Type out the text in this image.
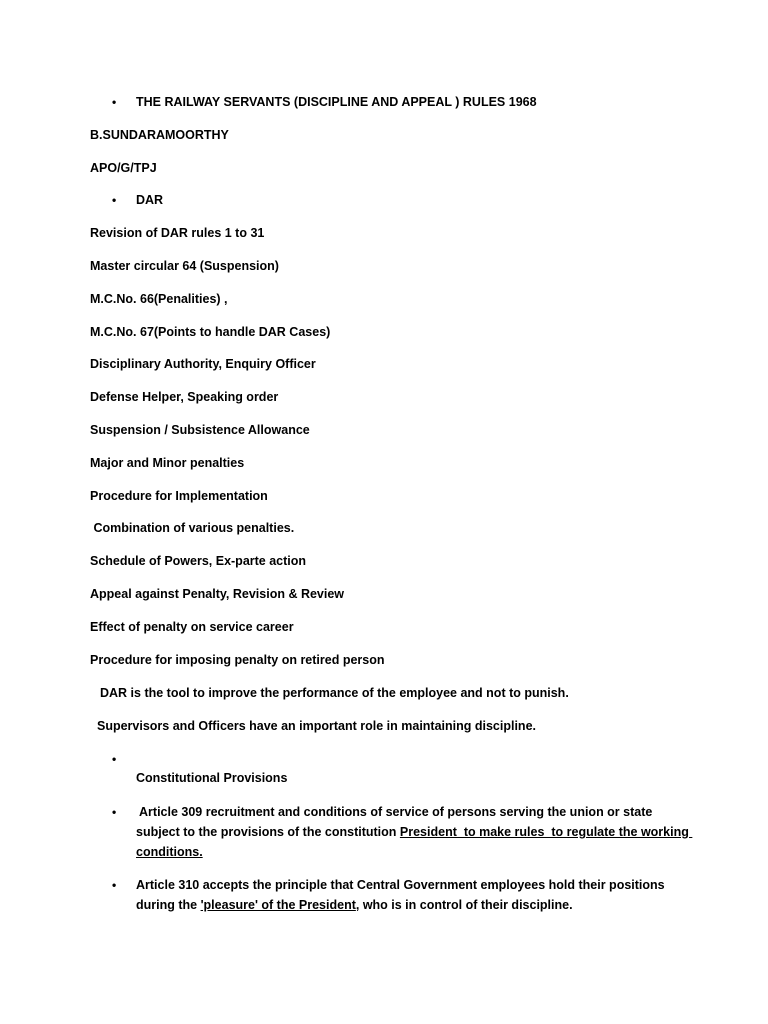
• THE RAILWAY SERVANTS (DISCIPLINE AND APPEAL ) RULES 1968
B.SUNDARAMOORTHY
APO/G/TPJ
• DAR
Revision of DAR rules 1 to 31
Master circular 64 (Suspension)
M.C.No. 66(Penalities) ,
M.C.No. 67(Points to handle DAR Cases)
Disciplinary Authority, Enquiry Officer
Defense Helper, Speaking order
Suspension / Subsistence Allowance
Major and Minor penalties
Procedure for Implementation
Combination of various penalties.
Schedule of Powers, Ex-parte action
Appeal against Penalty, Revision & Review
Effect of penalty on service career
Procedure for imposing penalty on retired person
DAR is the tool to improve the performance of the employee and not to punish.
Supervisors and Officers have an important role in maintaining discipline.
•
Constitutional Provisions
• Article 309 recruitment and conditions of service of persons serving the union or state
subject to the provisions of the constitution President  to make rules  to regulate the working
conditions.
• Article 310 accepts the principle that Central Government employees hold their positions
during the 'pleasure' of the President, who is in control of their discipline.
